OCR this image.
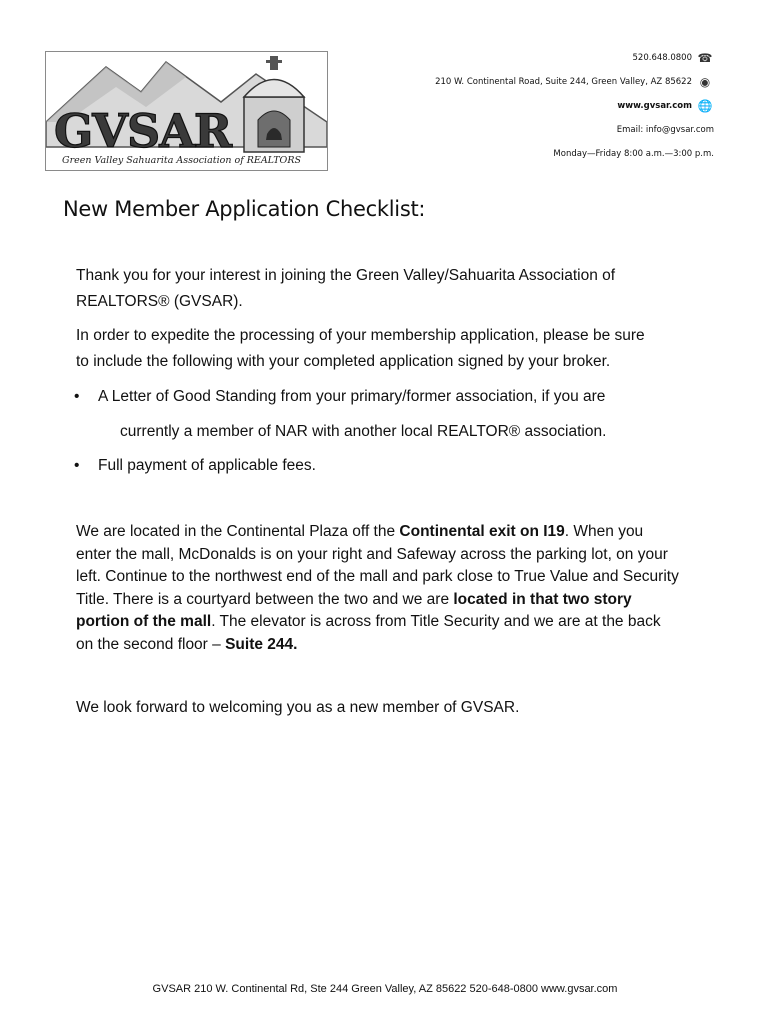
GVSAR
Green Valley Sahuarita Association of REALTORS
520.648.0800 ☎
210 W. Continental Road, Suite 244, Green Valley, AZ 85622 ◉
www.gvsar.com 🌐
Email: info@gvsar.com
Monday—Friday 8:00 a.m.—3:00 p.m.
New Member Application Checklist:
Thank you for your interest in joining the Green Valley/Sahuarita Association of
REALTORS® (GVSAR).
In order to expedite the processing of your membership application, please be sure
to include the following with your completed application signed by your broker.
•	A Letter of Good Standing from your primary/former association, if you are
currently a member of NAR with another local REALTOR® association.
•	Full payment of applicable fees.
We are located in the Continental Plaza off the Continental exit on I19. When you enter the mall, McDonalds is on your right and Safeway across the parking lot, on your left. Continue to the northwest end of the mall and park close to True Value and Security Title. There is a courtyard between the two and we are located in that two story portion of the mall. The elevator is across from Title Security and we are at the back on the second floor – Suite 244.
We look forward to welcoming you as a new member of GVSAR.
GVSAR 210 W. Continental Rd, Ste 244 Green Valley, AZ 85622 520-648-0800 www.gvsar.com
